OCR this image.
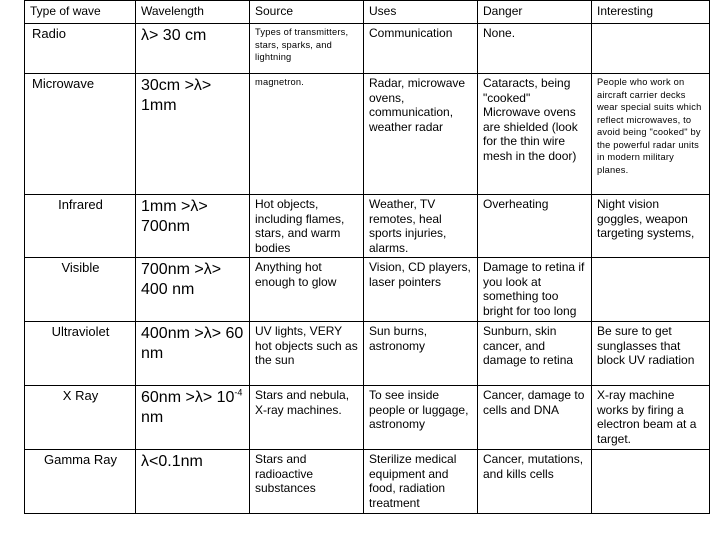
Type of wave	Wavelength	Source	Uses	Danger	Interesting
Radio	λ> 30 cm	Types of transmitters, stars, sparks, and lightning	Communication	None.	
Microwave	30cm >λ> 1mm	magnetron.	Radar, microwave ovens, communication, weather radar	Cataracts, being "cooked" Microwave ovens are shielded (look for the thin wire mesh in the door)	People who work on aircraft carrier decks wear special suits which reflect microwaves, to avoid being "cooked" by the powerful radar units in modern military planes.
Infrared	1mm >λ> 700nm	Hot objects, including flames, stars, and warm bodies	Weather, TV remotes, heal sports injuries, alarms.	Overheating	Night vision goggles, weapon targeting systems,
Visible	700nm >λ> 400 nm	Anything hot enough to glow	Vision, CD players, laser pointers	Damage to retina if you look at something too bright for too long	
Ultraviolet	400nm >λ> 60 nm	UV lights, VERY hot objects such as the sun	Sun burns, astronomy	Sunburn, skin cancer, and damage to retina	Be sure to get sunglasses that block UV radiation
X Ray	$60nm >\lambda> 10^{-4}$ nm	Stars and nebula, X-ray machines.	To see inside people or luggage, astronomy	Cancer, damage to cells and DNA	X-ray machine works by firing a electron beam at a target.
Gamma Ray	λ<0.1nm	Stars and radioactive substances	Sterilize medical equipment and food, radiation treatment	Cancer, mutations, and kills cells	
